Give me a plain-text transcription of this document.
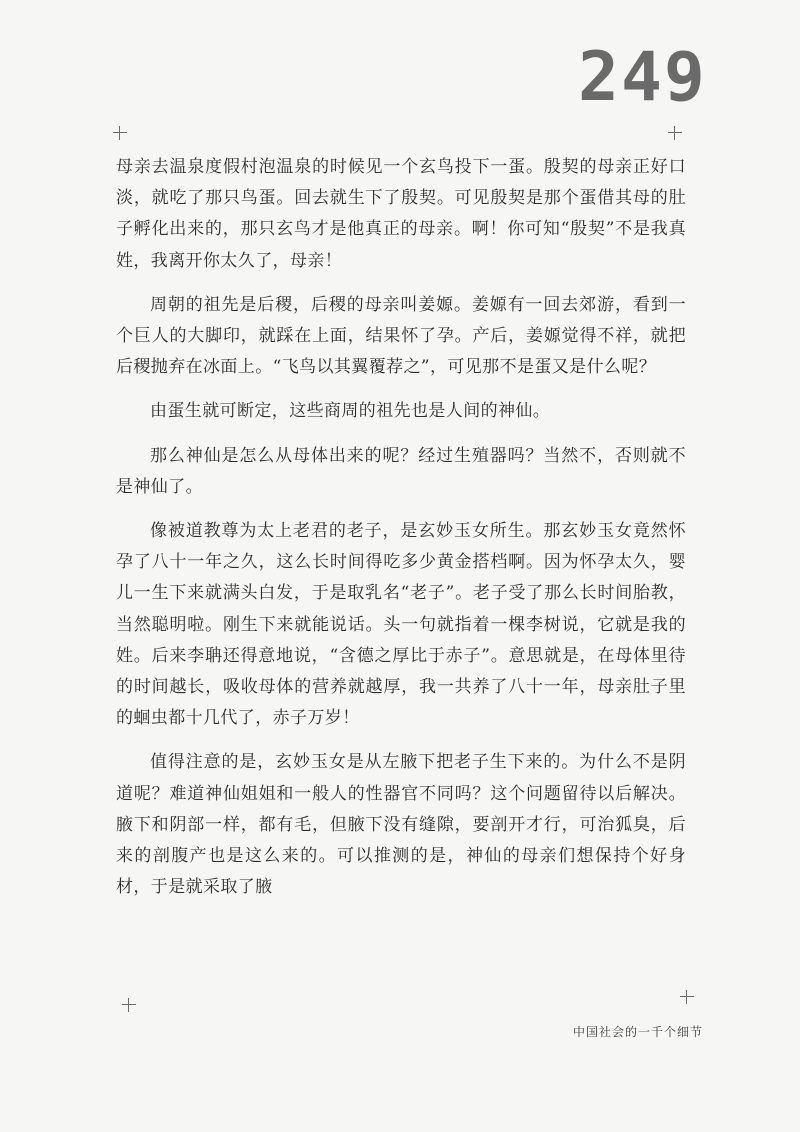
249

母亲去温泉度假村泡温泉的时候见一个玄鸟投下一蛋。殷契的母亲正好口淡，就吃了那只鸟蛋。回去就生下了殷契。可见殷契是那个蛋借其母的肚子孵化出来的，那只玄鸟才是他真正的母亲。啊！你可知“殷契”不是我真姓，我离开你太久了，母亲！

周朝的祖先是后稷，后稷的母亲叫姜嫄。姜嫄有一回去郊游，看到一个巨人的大脚印，就踩在上面，结果怀了孕。产后，姜嫄觉得不祥，就把后稷抛弃在冰面上。“飞鸟以其翼覆荐之”，可见那不是蛋又是什么呢？

由蛋生就可断定，这些商周的祖先也是人间的神仙。

那么神仙是怎么从母体出来的呢？经过生殖器吗？当然不，否则就不是神仙了。

像被道教尊为太上老君的老子，是玄妙玉女所生。那玄妙玉女竟然怀孕了八十一年之久，这么长时间得吃多少黄金搭档啊。因为怀孕太久，婴儿一生下来就满头白发，于是取乳名“老子”。老子受了那么长时间胎教，当然聪明啦。刚生下来就能说话。头一句就指着一棵李树说，它就是我的姓。后来李聃还得意地说，“含德之厚比于赤子”。意思就是，在母体里待的时间越长，吸收母体的营养就越厚，我一共养了八十一年，母亲肚子里的蛔虫都十几代了，赤子万岁！

值得注意的是，玄妙玉女是从左腋下把老子生下来的。为什么不是阴道呢？难道神仙姐姐和一般人的性器官不同吗？这个问题留待以后解决。腋下和阴部一样，都有毛，但腋下没有缝隙，要剖开才行，可治狐臭，后来的剖腹产也是这么来的。可以推测的是，神仙的母亲们想保持个好身材，于是就采取了腋

中国社会的一千个细节
